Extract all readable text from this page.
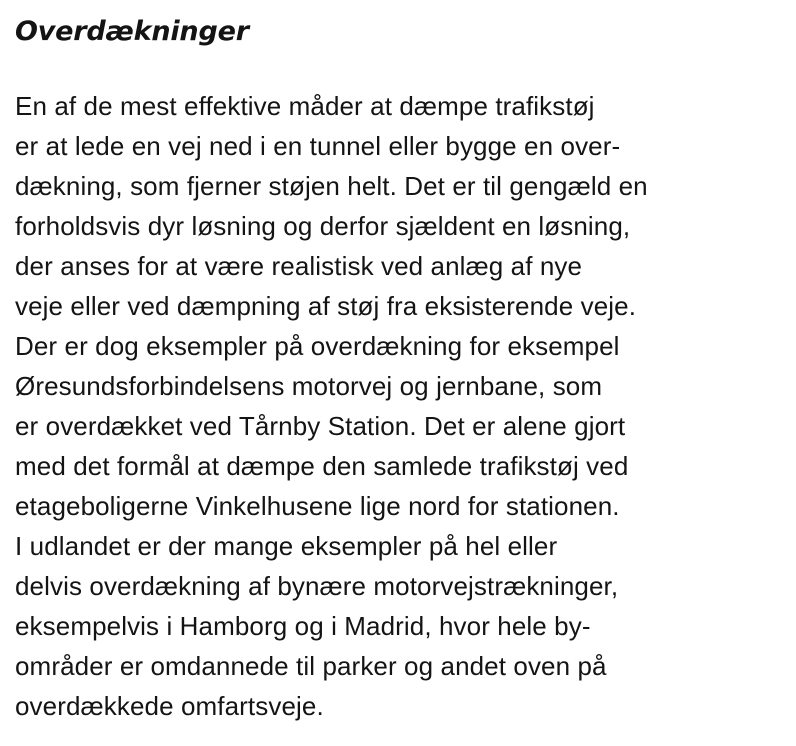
Overdækninger
En af de mest effektive måder at dæmpe trafikstøj
er at lede en vej ned i en tunnel eller bygge en over-
dækning, som fjerner støjen helt. Det er til gengæld en
forholdsvis dyr løsning og derfor sjældent en løsning,
der anses for at være realistisk ved anlæg af nye
veje eller ved dæmpning af støj fra eksisterende veje.
Der er dog eksempler på overdækning for eksempel
Øresundsforbindelsens motorvej og jernbane, som
er overdækket ved Tårnby Station. Det er alene gjort
med det formål at dæmpe den samlede trafikstøj ved
etageboligerne Vinkelhusene lige nord for stationen.
I udlandet er der mange eksempler på hel eller
delvis overdækning af bynære motorvejstrækninger,
eksempelvis i Hamborg og i Madrid, hvor hele by-
områder er omdannede til parker og andet oven på
overdækkede omfartsveje.
